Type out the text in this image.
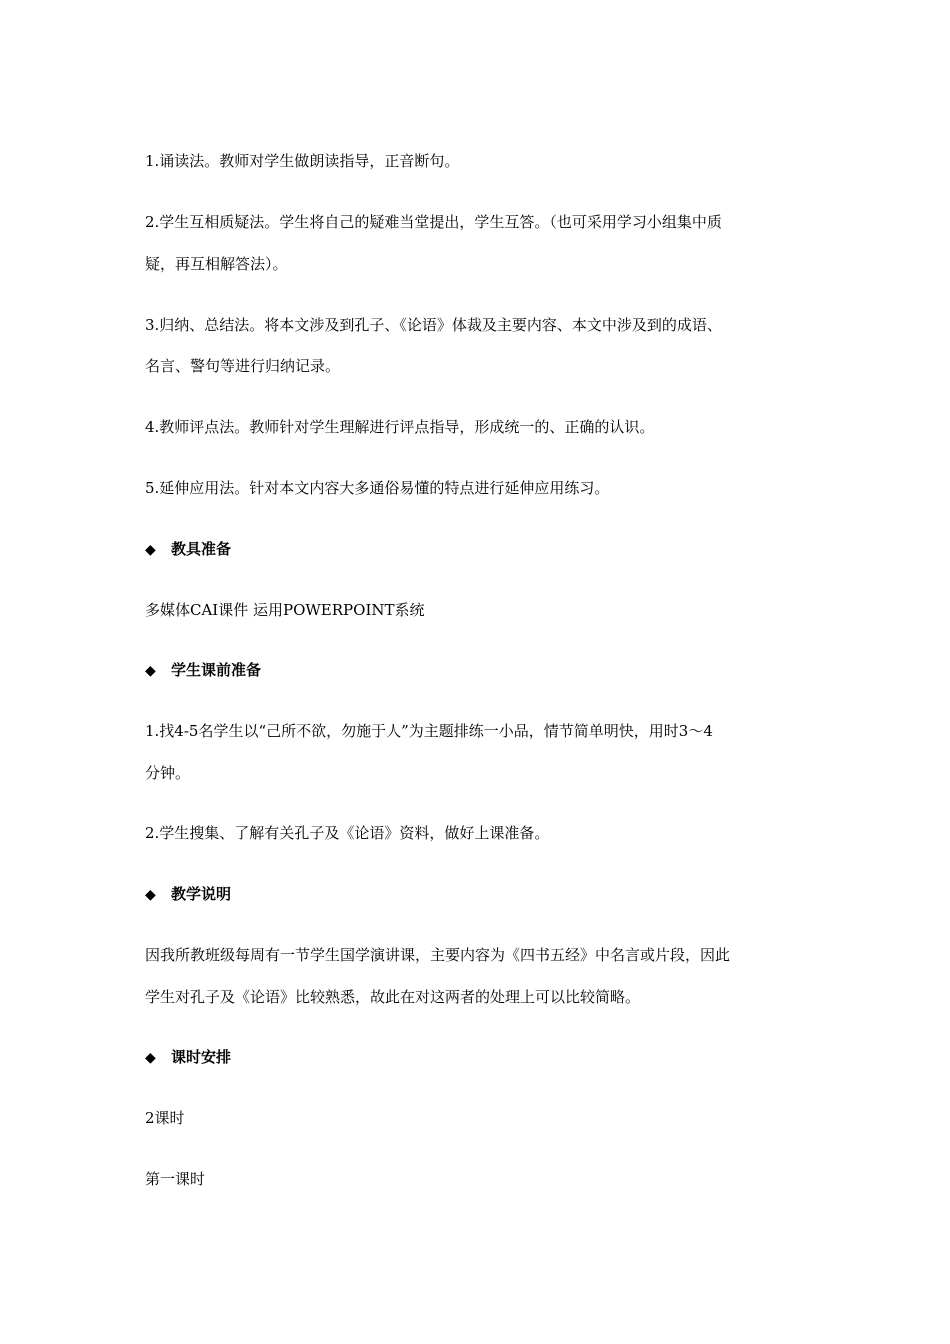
1.诵读法。教师对学生做朗读指导，正音断句。

2.学生互相质疑法。学生将自己的疑难当堂提出，学生互答。（也可采用学习小组集中质

疑，再互相解答法）。

3.归纳、总结法。将本文涉及到孔子、《论语》体裁及主要内容、本文中涉及到的成语、

名言、警句等进行归纳记录。

4.教师评点法。教师针对学生理解进行评点指导，形成统一的、正确的认识。

5.延伸应用法。针对本文内容大多通俗易懂的特点进行延伸应用练习。

◆ 教具准备

多媒体CAI课件 运用POWERPOINT系统

◆ 学生课前准备

1.找4-5名学生以“己所不欲，勿施于人”为主题排练一小品，情节简单明快，用时3～4

分钟。

2.学生搜集、了解有关孔子及《论语》资料，做好上课准备。

◆ 教学说明

因我所教班级每周有一节学生国学演讲课，主要内容为《四书五经》中名言或片段，因此

学生对孔子及《论语》比较熟悉，故此在对这两者的处理上可以比较简略。

◆ 课时安排

2课时

第一课时
